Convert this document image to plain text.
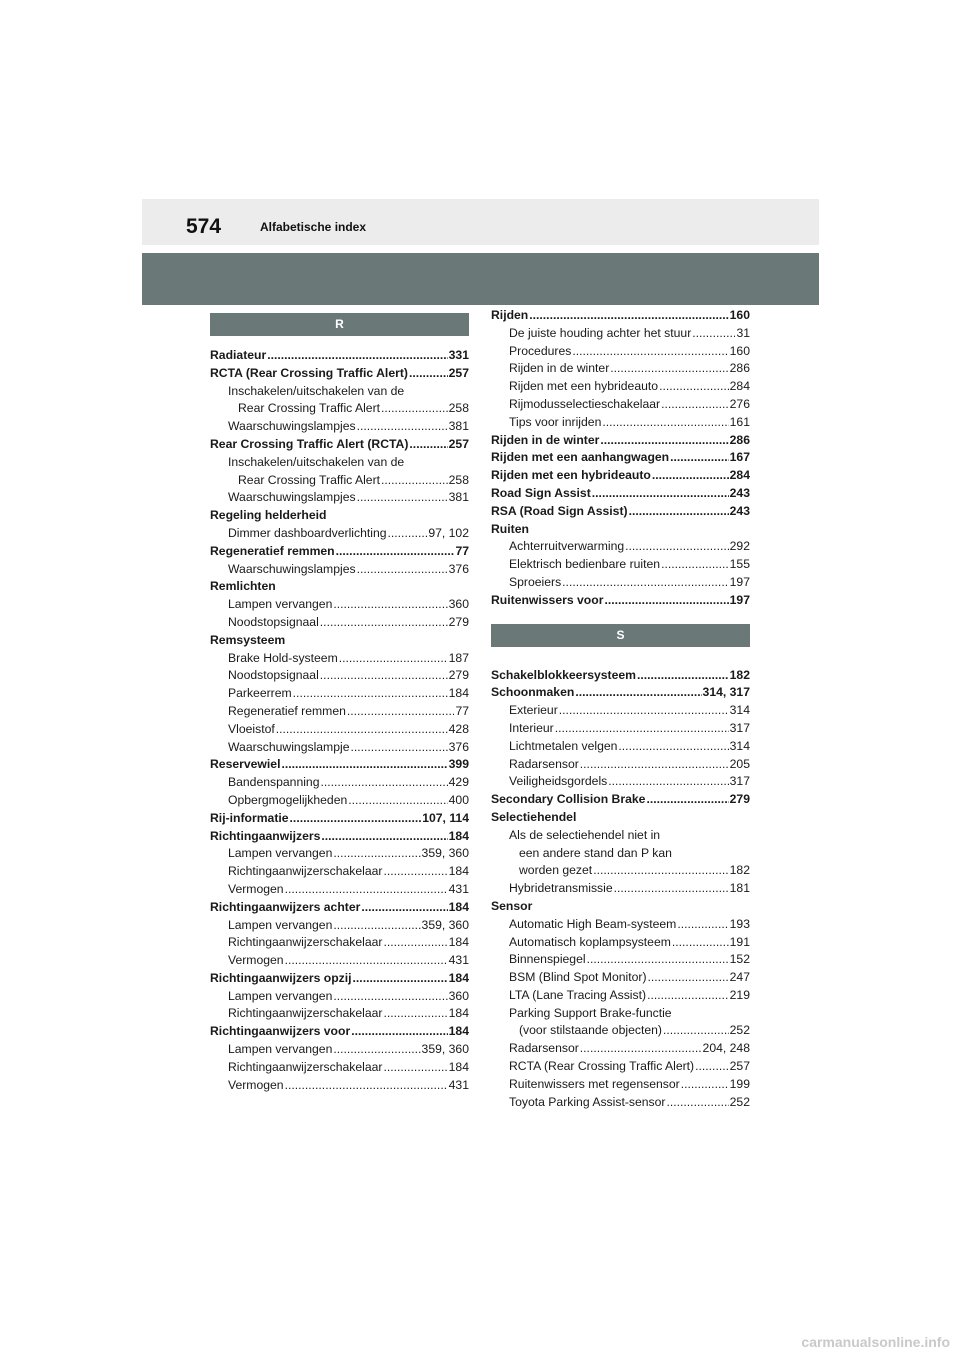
574	Alfabetische index
R
Radiateur .....	331
RCTA (Rear Crossing Traffic Alert) .....	257
Inschakelen/uitschakelen van de
Rear Crossing Traffic Alert .....	258
Waarschuwingslampjes .....	381
Rear Crossing Traffic Alert (RCTA) .....	257
Inschakelen/uitschakelen van de
Rear Crossing Traffic Alert .....	258
Waarschuwingslampjes .....	381
Regeling helderheid
Dimmer dashboardverlichting .....	97, 102
Regeneratief remmen .....	77
Waarschuwingslampjes .....	376
Remlichten
Lampen vervangen .....	360
Noodstopsignaal .....	279
Remsysteem
Brake Hold-systeem .....	187
Noodstopsignaal .....	279
Parkeerrem .....	184
Regeneratief remmen .....	77
Vloeistof .....	428
Waarschuwingslampje .....	376
Reservewiel .....	399
Bandenspanning .....	429
Opbergmogelijkheden .....	400
Rij-informatie .....	107, 114
Richtingaanwijzers .....	184
Lampen vervangen .....	359, 360
Richtingaanwijzerschakelaar .....	184
Vermogen .....	431
Richtingaanwijzers achter .....	184
Lampen vervangen .....	359, 360
Richtingaanwijzerschakelaar .....	184
Vermogen .....	431
Richtingaanwijzers opzij .....	184
Lampen vervangen .....	360
Richtingaanwijzerschakelaar .....	184
Richtingaanwijzers voor .....	184
Lampen vervangen .....	359, 360
Richtingaanwijzerschakelaar .....	184
Vermogen .....	431
Rijden .....	160
De juiste houding achter het stuur .....	31
Procedures .....	160
Rijden in de winter .....	286
Rijden met een hybrideauto .....	284
Rijmodusselectieschakelaar .....	276
Tips voor inrijden .....	161
Rijden in de winter .....	286
Rijden met een aanhangwagen .....	167
Rijden met een hybrideauto .....	284
Road Sign Assist .....	243
RSA (Road Sign Assist) .....	243
Ruiten
Achterruitverwarming .....	292
Elektrisch bedienbare ruiten .....	155
Sproeiers .....	197
Ruitenwissers voor .....	197
S
Schakelblokkeersysteem .....	182
Schoonmaken .....	314, 317
Exterieur .....	314
Interieur .....	317
Lichtmetalen velgen .....	314
Radarsensor .....	205
Veiligheidsgordels .....	317
Secondary Collision Brake .....	279
Selectiehendel
Als de selectiehendel niet in
een andere stand dan P kan
worden gezet .....	182
Hybridetransmissie .....	181
Sensor
Automatic High Beam-systeem .....	193
Automatisch koplampsysteem .....	191
Binnenspiegel .....	152
BSM (Blind Spot Monitor) .....	247
LTA (Lane Tracing Assist) .....	219
Parking Support Brake-functie
(voor stilstaande objecten) .....	252
Radarsensor .....	204, 248
RCTA (Rear Crossing Traffic Alert) .....	257
Ruitenwissers met regensensor .....	199
Toyota Parking Assist-sensor .....	252
carmanualsonline.info
